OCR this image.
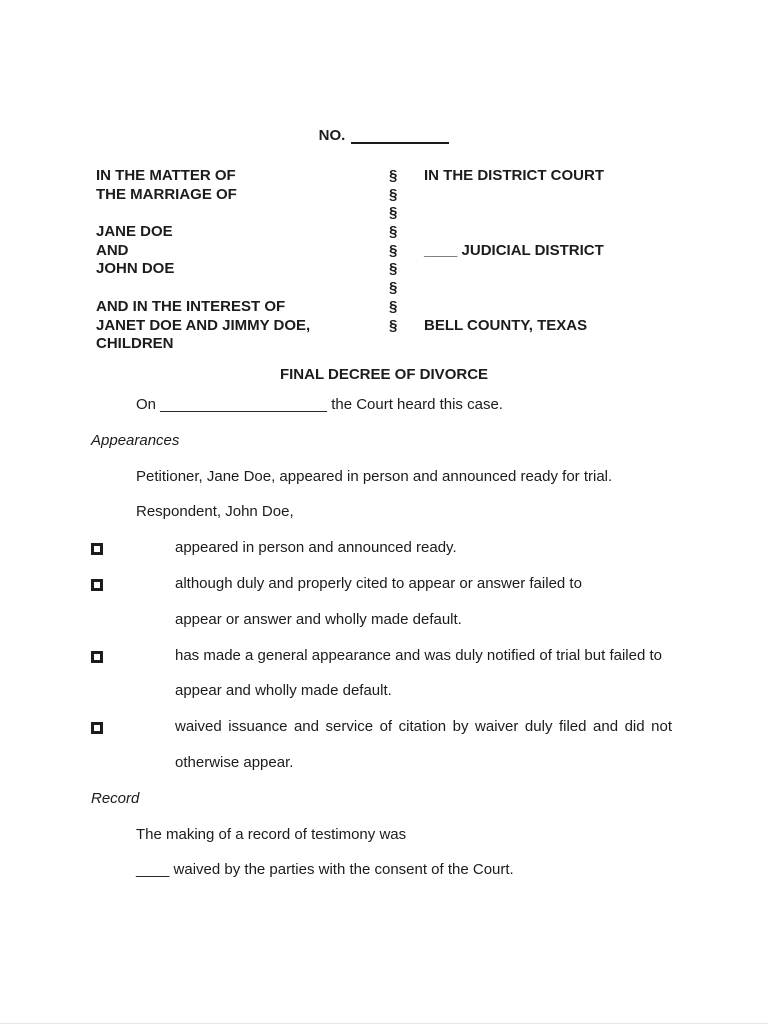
NO.
IN THE MATTER OF
THE MARRIAGE OF
JANE DOE
AND
JOHN DOE
AND IN THE INTEREST OF
JANET DOE AND JIMMY DOE,
CHILDREN
§
§
§
§
§
§
§
§
§
IN THE DISTRICT COURT
____ JUDICIAL DISTRICT
BELL COUNTY, TEXAS
FINAL DECREE OF DIVORCE
On ____________________ the Court heard this case.
Appearances
Petitioner, Jane Doe, appeared in person and announced ready for trial.
Respondent, John Doe,
appeared in person and announced ready.
although duly and properly cited to appear or answer failed to
appear or answer and wholly made default.
has made a general appearance and was duly notified of trial but failed to
appear and wholly made default.
waived issuance and service of citation by waiver duly filed and did not
otherwise appear.
Record
The making of a record of testimony was
____ waived by the parties with the consent of the Court.
